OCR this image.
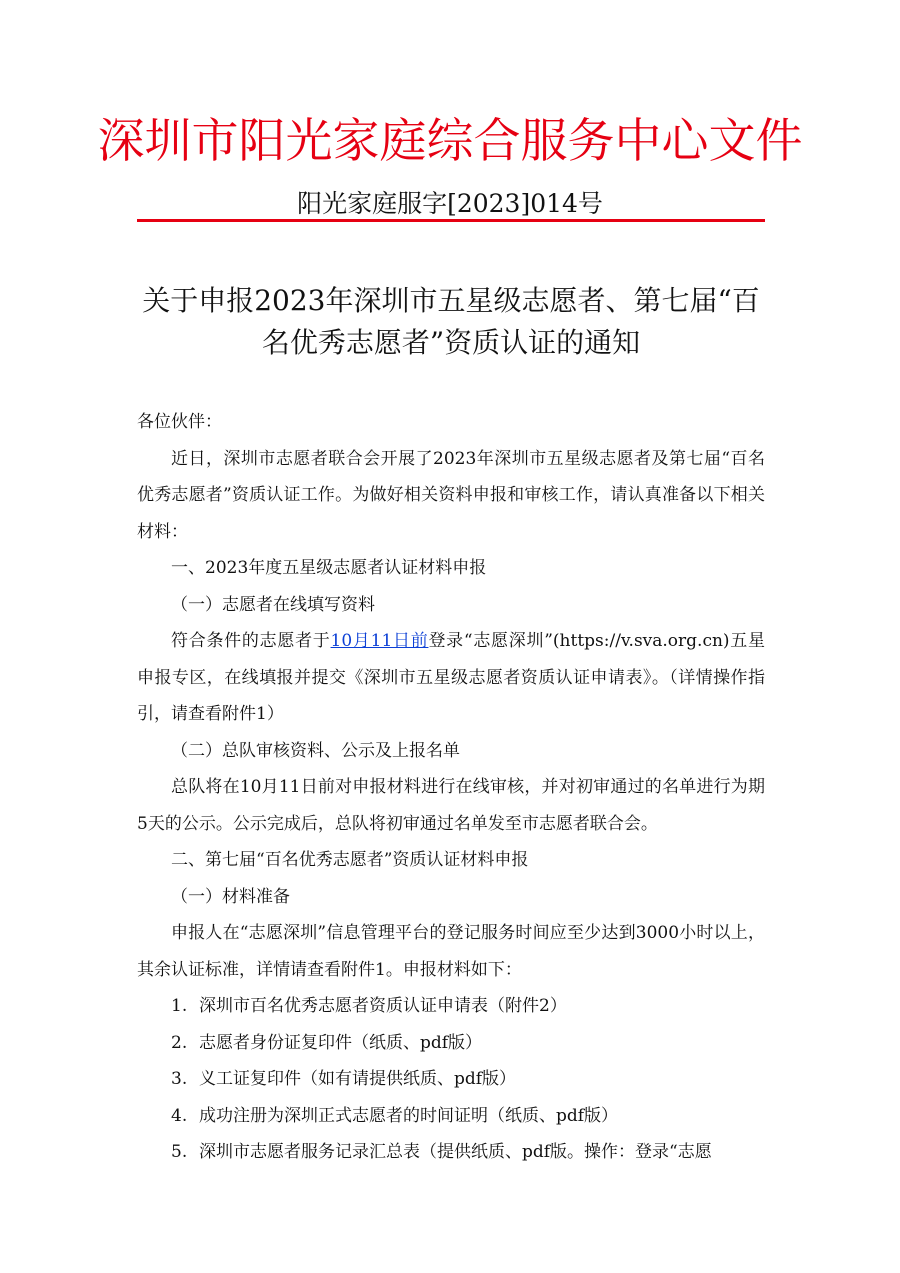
深圳市阳光家庭综合服务中心文件
阳光家庭服字[2023]014号
关于申报2023年深圳市五星级志愿者、第七届“百
名优秀志愿者”资质认证的通知

各位伙伴：

近日，深圳市志愿者联合会开展了2023年深圳市五星级志愿者及第七届“百名优秀志愿者”资质认证工作。为做好相关资料申报和审核工作，请认真准备以下相关材料：

一、2023年度五星级志愿者认证材料申报

（一）志愿者在线填写资料

符合条件的志愿者于10月11日前登录“志愿深圳”(https://v.sva.org.cn)五星申报专区，在线填报并提交《深圳市五星级志愿者资质认证申请表》。（详情操作指引，请查看附件1）

（二）总队审核资料、公示及上报名单

总队将在10月11日前对申报材料进行在线审核，并对初审通过的名单进行为期5天的公示。公示完成后，总队将初审通过名单发至市志愿者联合会。

二、第七届“百名优秀志愿者”资质认证材料申报

（一）材料准备

申报人在“志愿深圳”信息管理平台的登记服务时间应至少达到3000小时以上，其余认证标准，详情请查看附件1。申报材料如下：

1. 深圳市百名优秀志愿者资质认证申请表（附件2）

2. 志愿者身份证复印件（纸质、pdf版）

3. 义工证复印件（如有请提供纸质、pdf版）

4. 成功注册为深圳正式志愿者的时间证明（纸质、pdf版）

5. 深圳市志愿者服务记录汇总表（提供纸质、pdf版。操作：登录“志愿
